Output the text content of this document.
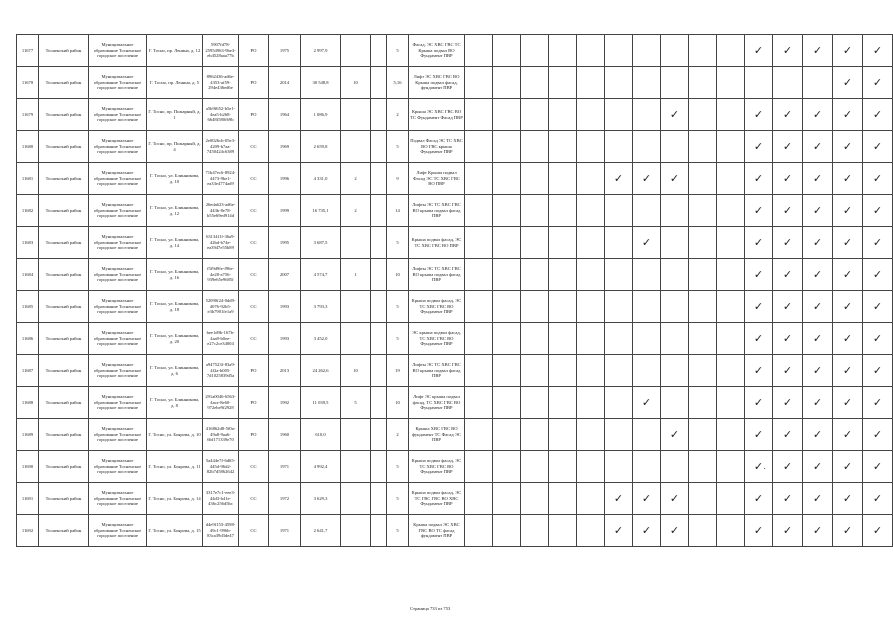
11677	Тосненский район	Муниципальное образование Тосненское городское поселение	Г. Тосно, пр. Ленина, д. 12	5907fd78-25954963-9be3-eb4528aaa77b	РО	1975	2 997,9			5	Фасад, ЭС ХВС ГВС ТС Крыша подвал ВО Фундамент ПВР											✓	✓	✓	✓	✓
11678	Тосненский район	Муниципальное образование Тосненское городское поселение	Г. Тосно, пр. Ленина, д. 5	8962436-ad6e-4353-af59-294e436ed6e	РО	2014	30 548,8	10		5,16	Лифт ЭС ХВС ГВС ВО Крыша подвал фасад, фундамент ПВР														✓	✓
11679	Тосненский район	Муниципальное образование Тосненское городское поселение	Г. Тосно, пр. Пожарный, д. 1	a5b9f652-b5e1-4ea5-b268-6648f580f69b	РО	1964	1 086,9			2	Крыша ЭС ХВС ГВС ВО ТС Фундамент Фасад ПВР								✓			✓	✓	✓	✓	✓
11680	Тосненский район	Муниципальное образование Тосненское городское поселение	Г. Тосно, пр. Пожарный, д. 4	2e0026cb-05e3-4209-b7aa-7450424c6389	СС	1969	2 659,8			5	Подвал Фасад ЭС ТС ХВС ВО ГВС крыша Фундамент ПВР											✓	✓	✓	✓	✓
11681	Тосненский район	Муниципальное образование Тосненское городское поселение	Г. Тосно, ул. Блинникова, д. 10	71b47ec6-8924-4473-9be1-ea33e4774ad9	СС	1996	4 331,0	2		9	Лифт Крыша подвал Фасад ЭС ТС ХВС ГВС ВО ПВР						✓	✓	✓			✓	✓	✓	✓	✓
11682	Тосненский район	Муниципальное образование Тосненское городское поселение	Г. Тосно, ул. Блинникова, д. 12	26eda623-ad6e-443b-8e78-b55e69ed914d	СС	1999	16 735,1	2		14	Лифты ЭС ТС ХВС ГВС ВО крыша подвал фасад ПВР											✓	✓	✓	✓	✓
11683	Тосненский район	Муниципальное образование Тосненское городское поселение	Г. Тосно, ул. Блинникова, д. 14	63134f1f-36a9-42bd-b74e-ea3947e55b89	СС	1995	3 687,5			5	Крыша подвал фасад, ЭС ТС ХВС ГВС ВО ПВР							✓				✓	✓	✓	✓	✓
11684	Тосненский район	Муниципальное образование Тосненское городское поселение	Г. Тосно, ул. Блинникова, д. 16	f5f9d9fe-f96e-4e28-a756-939e65e9685f	СС	2007	4 574,7	1		10	Лифты ЭС ТС ХВС ГВС ВО крыша подвал фасад ПВР											✓	✓	✓	✓	✓
11685	Тосненский район	Муниципальное образование Тосненское городское поселение	Г. Тосно, ул. Блинникова, д. 18	52090f24-0dd9-4076-92b5-e3b7901fe1a9	СС	1993	3 793,3			5	Крыша подвал фасад, ЭС ТС ХВС ГВС ВО Фундамент ПВР											✓	✓	✓	✓	✓
11686	Тосненский район	Муниципальное образование Тосненское городское поселение	Г. Тосно, ул. Блинникова, д. 20	bee1d9b-167b-4aa9-b0ee-e27c2ce34004	СС	1993	3 452,0			5	ЭС крыша подвал фасад, ТС ХВС ГВС ВО Фундамент ПВР											✓	✓	✓	✓	✓
11687	Тосненский район	Муниципальное образование Тосненское городское поселение	Г. Тосно, ул. Блинникова, д. 6	a947523f-83a9-4f2a-b005-7d1025839d5a	РО	2013	24 262,6	10		19	Лифты ЭС ТС ХВС ГВС ВО крыша подвал фасад ПВР											✓	✓	✓	✓	✓
11688	Тосненский район	Муниципальное образование Тосненское городское поселение	Г. Тосно, ул. Блинникова, д. 8	291a0046-6563-4ace-8e60-972ebe9f2928	РО	1992	11 039,5	5		10	Лифт ЭС крыша подвал фасад, ТС ХВС ГВС ВО Фундамент ПВР							✓				✓	✓	✓	✓	✓
11689	Тосненский район	Муниципальное образование Тосненское городское поселение	Г. Тосно, ул. Боярова, д. 10	416862d8-5f0a-49a8-9aa6-6bf171339e70	РО	1960	610,0			2	Крыша ХВС ГВС ВО фундамент ТС Фасад ЭС ПВР								✓			✓	✓	✓	✓	✓
11690	Тосненский район	Муниципальное образование Тосненское городское поселение	Г. Тосно, ул. Боярова, д. 11	5a444e7f-6d65-445d-96d2-82b7d5862642	СС	1971	4 992,4			5	Крыша подвал фасад, ЭС ТС ХВС ГВС ВО Фундамент ПВР											✓	✓	✓	✓	✓
11691	Тосненский район	Муниципальное образование Тосненское городское поселение	Г. Тосно, ул. Боярова, д. 14	3317e7c1-eee3-44d3-b41e-436c256d5bc	СС	1972	3 629,3			5	Крыша подвал фасад, ЭС ТС ГВС ГВС ВО ХВС Фундамент ПВР						✓	✓	✓			✓	✓	✓	✓	✓
11692	Тосненский район	Муниципальное образование Тосненское городское поселение	Г. Тосно, ул. Боярова, д. 15	d4e9f153-4598-49c1-996b-83ca39d3de47	СС	1971	2 641,7			5	Крыша подвал ЭС ХВС ГВС ВО ТС фасад фундамент ПВР						✓	✓	✓			✓	✓	✓	✓	✓
•
Страница 733 из 753
